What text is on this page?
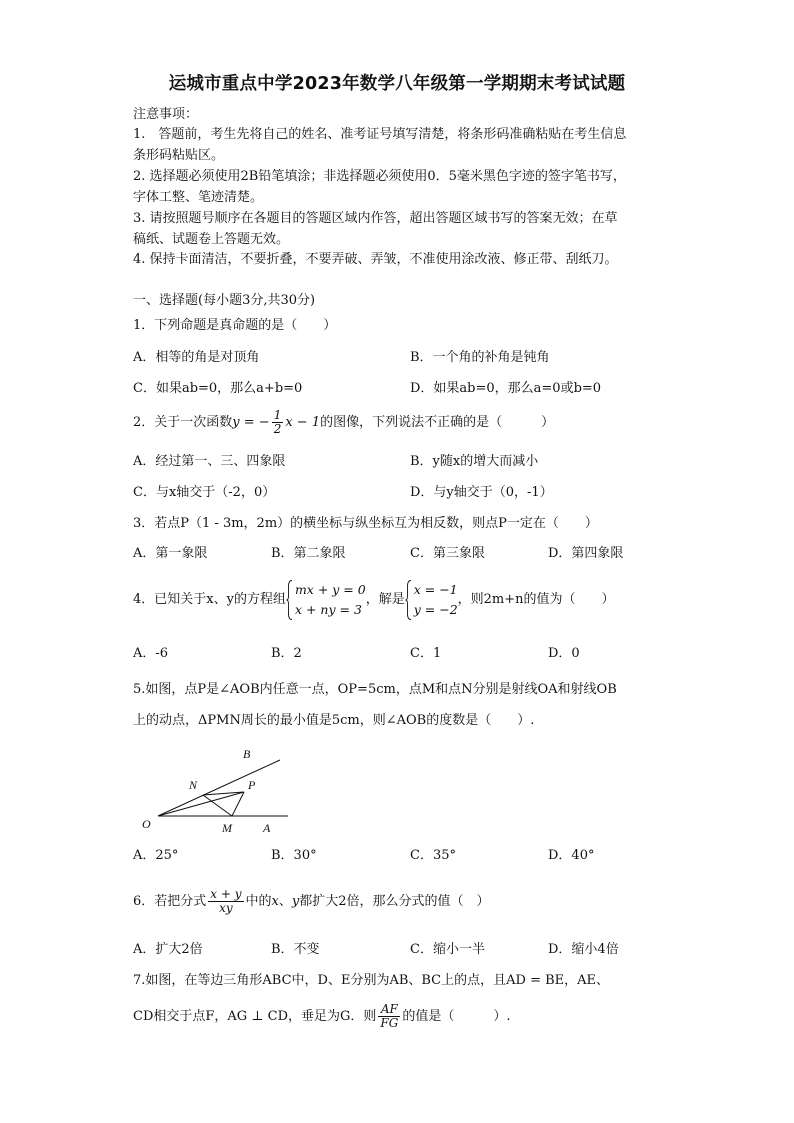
运城市重点中学2023年数学八年级第一学期期末考试试题
注意事项：
1.　答题前，考生先将自己的姓名、准考证号填写清楚，将条形码准确粘贴在考生信息
条形码粘贴区。
2. 选择题必须使用2B铅笔填涂；非选择题必须使用0．5毫米黑色字迹的签字笔书写，
字体工整、笔迹清楚。
3. 请按照题号顺序在各题目的答题区域内作答，超出答题区域书写的答案无效；在草
稿纸、试题卷上答题无效。
4. 保持卡面清洁，不要折叠，不要弄破、弄皱，不准使用涂改液、修正带、刮纸刀。
一、选择题(每小题3分,共30分)
1．下列命题是真命题的是（　　）
A．相等的角是对顶角	B．一个角的补角是钝角
C．如果ab=0，那么a+b=0	D．如果ab=0，那么a=0或b=0
2．关于一次函数y = − $\frac{1}{2}$ x − 1的图像，下列说法不正确的是（　　　）
A．经过第一、三、四象限	B．y随x的增大而减小
C．与x轴交于（-2，0）	D．与y轴交于（0，-1）
3．若点P（1 - 3m，2m）的横坐标与纵坐标互为相反数，则点P一定在（　　）
A．第一象限	B．第二象限	C．第三象限	D．第四象限
4．已知关于x、y的方程组
mx + y = 0
x + ny = 3
，解是
x = −1
y = −2
，则2m+n的值为（　　）
A．-6	B．2	C．1	D．0
5.如图，点P是∠AOB内任意一点，OP=5cm，点M和点N分别是射线OA和射线OB
上的动点，ΔPMN周长的最小值是5cm，则∠AOB的度数是（　　）.
B
N	P
O	M	A
A．25°	B．30°	C．35°	D．40°
6．若把分式 $\frac{x + y}{xy}$ 中的x、y都扩大2倍，那么分式的值（　）
A．扩大2倍	B．不变	C．缩小一半	D．缩小4倍
7.如图，在等边三角形ABC中，D、E分别为AB、BC上的点，且AD = BE，AE、
CD相交于点F，AG ⊥ CD，垂足为G．则 $\frac{AF}{FG}$ 的值是（　　　）.
